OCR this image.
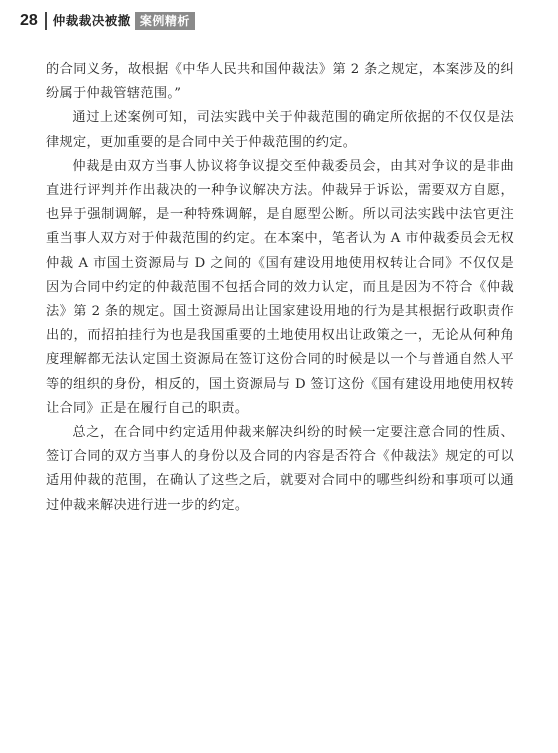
28 仲裁裁决被撤 案例精析

的合同义务，故根据《中华人民共和国仲裁法》第 2 条之规定，本案涉及的纠纷属于仲裁管辖范围。”

通过上述案例可知，司法实践中关于仲裁范围的确定所依据的不仅仅是法律规定，更加重要的是合同中关于仲裁范围的约定。

仲裁是由双方当事人协议将争议提交至仲裁委员会，由其对争议的是非曲直进行评判并作出裁决的一种争议解决方法。仲裁异于诉讼，需要双方自愿，也异于强制调解，是一种特殊调解，是自愿型公断。所以司法实践中法官更注重当事人双方对于仲裁范围的约定。在本案中，笔者认为 A 市仲裁委员会无权仲裁 A 市国土资源局与 D 之间的《国有建设用地使用权转让合同》不仅仅是因为合同中约定的仲裁范围不包括合同的效力认定，而且是因为不符合《仲裁法》第 2 条的规定。国土资源局出让国家建设用地的行为是其根据行政职责作出的，而招拍挂行为也是我国重要的土地使用权出让政策之一，无论从何种角度理解都无法认定国土资源局在签订这份合同的时候是以一个与普通自然人平等的组织的身份，相反的，国土资源局与 D 签订这份《国有建设用地使用权转让合同》正是在履行自己的职责。

总之，在合同中约定适用仲裁来解决纠纷的时候一定要注意合同的性质、签订合同的双方当事人的身份以及合同的内容是否符合《仲裁法》规定的可以适用仲裁的范围，在确认了这些之后，就要对合同中的哪些纠纷和事项可以通过仲裁来解决进行进一步的约定。
